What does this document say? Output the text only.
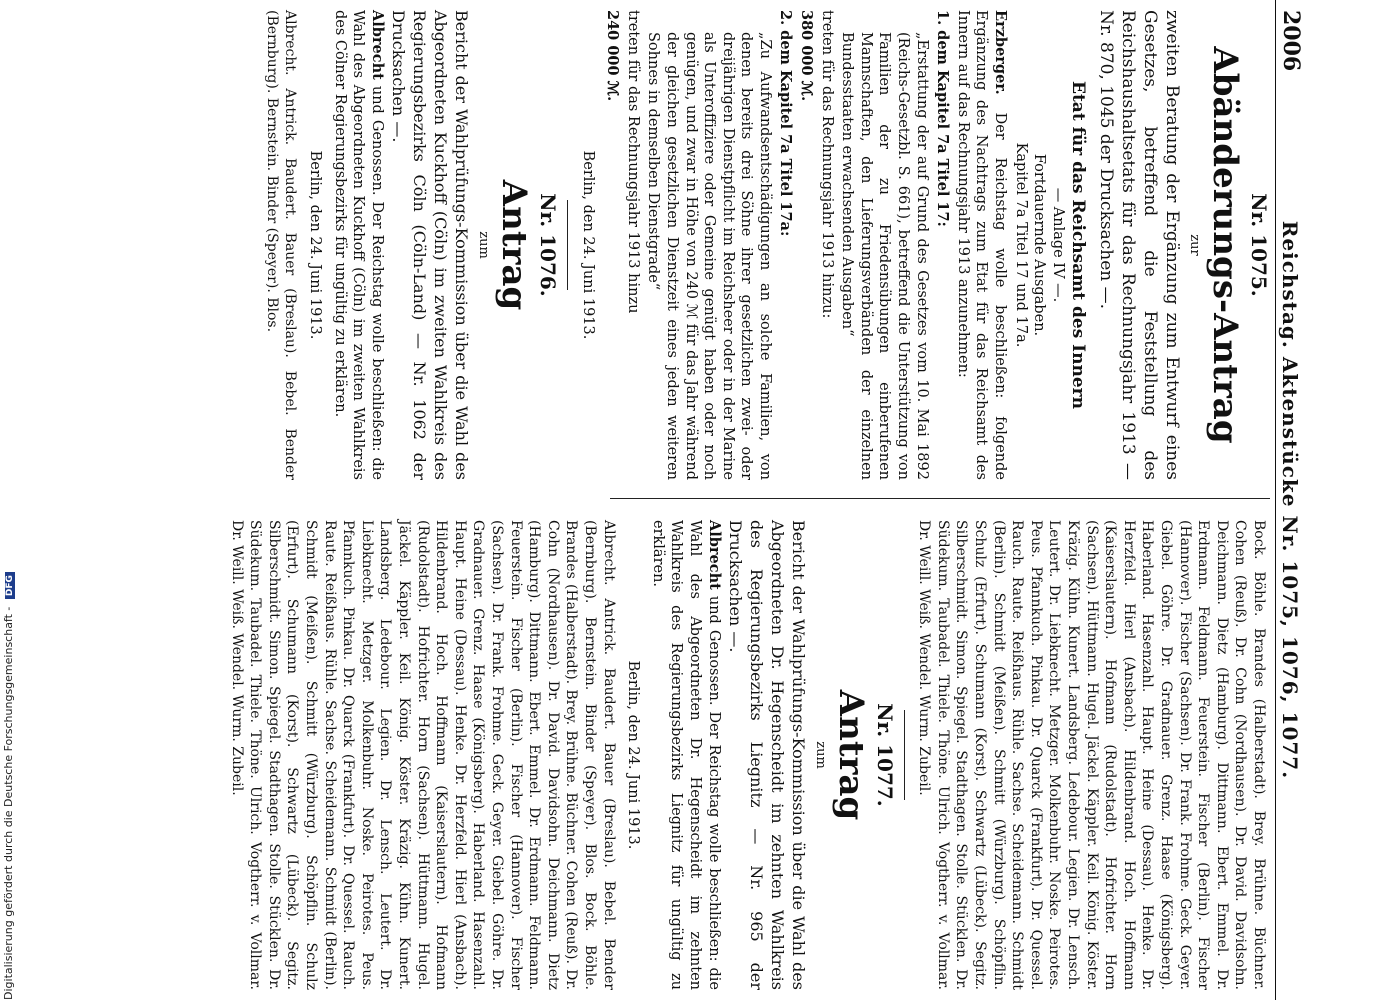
2006
Reichstag. Aktenstücke Nr. 1075, 1076, 1077.
Nr. 1075.
Abänderungs-Antrag
zur
zweiten Beratung der Ergänzung zum Entwurf eines Gesetzes, betreffend die Feststellung des Reichshaushaltsetats für das Rechnungsjahr 1913 — Nr. 870, 1045 der Drucksachen —.
Etat für das Reichsamt des Innern
— Anlage IV —.
Fortdauernde Ausgaben.
Kapitel 7a Titel 17 und 17a.
Erzberger. Der Reichstag wolle beschließen: folgende Ergänzung des Nachtrags zum Etat für das Reichsamt des Innern auf das Rechnungsjahr 1913 anzunehmen:
1. dem Kapitel 7a Titel 17:
„Erstattung der auf Grund des Gesetzes vom 10. Mai 1892 (Reichs-Gesetzbl. S. 661), betreffend die Unterstützung von Familien der zu Friedensübungen einberufenen Mannschaften, den Lieferungsverbänden der einzelnen Bundesstaaten erwachsenden Ausgaben“
treten für das Rechnungsjahr 1913 hinzu:
380 000 ℳ.
2. dem Kapitel 7a Titel 17a:
„Zu Aufwandsentschädigungen an solche Familien, von denen bereits drei Söhne ihrer gesetzlichen zwei- oder dreijährigen Dienstpflicht im Reichsheer oder in der Marine als Unteroffiziere oder Gemeine genügt haben oder noch genügen, und zwar in Höhe von 240 ℳ für das Jahr während der gleichen gesetzlichen Dienstzeit eines jeden weiteren Sohnes in demselben Dienstgrade“
treten für das Rechnungsjahr 1913 hinzu
240 000 ℳ.
Berlin, den 24. Juni 1913.
Nr. 1076.
Antrag
zum
Bericht der Wahlprüfungs-Kommission über die Wahl des Abgeordneten Kuckhoff (Cöln) im zweiten Wahlkreis des Regierungsbezirks Cöln (Cöln-Land) — Nr. 1062 der Drucksachen —.
Albrecht und Genossen. Der Reichstag wolle beschließen: die Wahl des Abgeordneten Kuckhoff (Cöln) im zweiten Wahlkreis des Cölner Regierungsbezirks für ungültig zu erklären.
Berlin, den 24. Juni 1913.
Albrecht. Antrick. Baudert. Bauer (Breslau). Bebel. Bender (Bernburg). Bernstein. Binder (Speyer). Blos.
Bock. Böhle. Brandes (Halberstadt). Brey. Brühne. Büchner. Cohen (Reuß). Dr. Cohn (Nordhausen). Dr. David. Davidsohn. Deichmann. Dietz (Hamburg). Dittmann. Ebert. Emmel. Dr. Erdmann. Feldmann. Feuerstein. Fischer (Berlin). Fischer (Hannover). Fischer (Sachsen). Dr. Frank. Frohme. Geck. Geyer. Giebel. Göhre. Dr. Gradnauer. Grenz. Haase (Königsberg). Haberland. Hasenzahl. Haupt. Heine (Dessau). Henke. Dr. Herzfeld. Hierl (Ansbach). Hildenbrand. Hoch. Hoffmann (Kaiserslautern). Hofmann (Rudolstadt). Hofrichter. Horn (Sachsen). Hüttmann. Hugel. Jäckel. Käppler. Keil. König. Köster. Kräzig. Kühn. Kunert. Landsberg. Ledebour. Legien. Dr. Lensch. Leutert. Dr. Liebknecht. Metzger. Molkenbuhr. Noske. Peirotes. Peus. Pfannkuch. Pinkau. Dr. Quarck (Frankfurt). Dr. Quessel. Rauch. Raute. Reißhaus. Rühle. Sachse. Scheidemann. Schmidt (Berlin). Schmidt (Meißen). Schmitt (Würzburg). Schöpflin. Schulz (Erfurt). Schumann (Korst). Schwartz (Lübeck). Segitz. Silberschmidt. Simon. Spiegel. Stadthagen. Stolle. Stücklen. Dr. Südekum. Taubadel. Thiele. Thöne. Ulrich. Vogtherr. v. Vollmar. Dr. Weill. Weiß. Wendel. Wurm. Zubeil.
Nr. 1077.
Antrag
zum
Bericht der Wahlprüfungs-Kommission über die Wahl des Abgeordneten Dr. Hegenscheidt im zehnten Wahlkreis des Regierungsbezirks Liegnitz — Nr. 965 der Drucksachen —.
Albrecht und Genossen. Der Reichstag wolle beschließen: die Wahl des Abgeordneten Dr. Hegenscheidt im zehnten Wahlkreis des Regierungsbezirks Liegnitz für ungültig zu erklären.
Berlin, den 24. Juni 1913.
Albrecht. Antrick. Baudert. Bauer (Breslau). Bebel. Bender (Bernburg). Bernstein. Binder (Speyer). Blos. Bock. Böhle. Brandes (Halberstadt). Brey. Brühne. Büchner. Cohen (Reuß). Dr. Cohn (Nordhausen). Dr. David. Davidsohn. Deichmann. Dietz (Hamburg). Dittmann. Ebert. Emmel. Dr. Erdmann. Feldmann. Feuerstein. Fischer (Berlin). Fischer (Hannover). Fischer (Sachsen). Dr. Frank. Frohme. Geck. Geyer. Giebel. Göhre. Dr. Gradnauer. Grenz. Haase (Königsberg). Haberland. Hasenzahl. Haupt. Heine (Dessau). Henke. Dr. Herzfeld. Hierl (Ansbach). Hildenbrand. Hoch. Hoffmann (Kaiserslautern). Hofmann (Rudolstadt). Hofrichter. Horn (Sachsen). Hüttmann. Hugel. Jäckel. Käppler. Keil. König. Köster. Kräzig. Kühn. Kunert. Landsberg. Ledebour. Legien. Dr. Lensch. Leutert. Dr. Liebknecht. Metzger. Molkenbuhr. Noske. Peirotes. Peus. Pfannkuch. Pinkau. Dr. Quarck (Frankfurt). Dr. Quessel. Rauch. Raute. Reißhaus. Rühle. Sachse. Scheidemann. Schmidt (Berlin). Schmidt (Meißen). Schmitt (Würzburg). Schöpflin. Schulz (Erfurt). Schumann (Korst). Schwartz (Lübeck). Segitz. Silberschmidt. Simon. Spiegel. Stadthagen. Stolle. Stücklen. Dr. Südekum. Taubadel. Thiele. Thöne. Ulrich. Vogtherr. v. Vollmar. Dr. Weill. Weiß. Wendel. Wurm. Zubeil.
Digitalisierung gefördert durch die Deutsche Forschungsgemeinschaft - DFG
